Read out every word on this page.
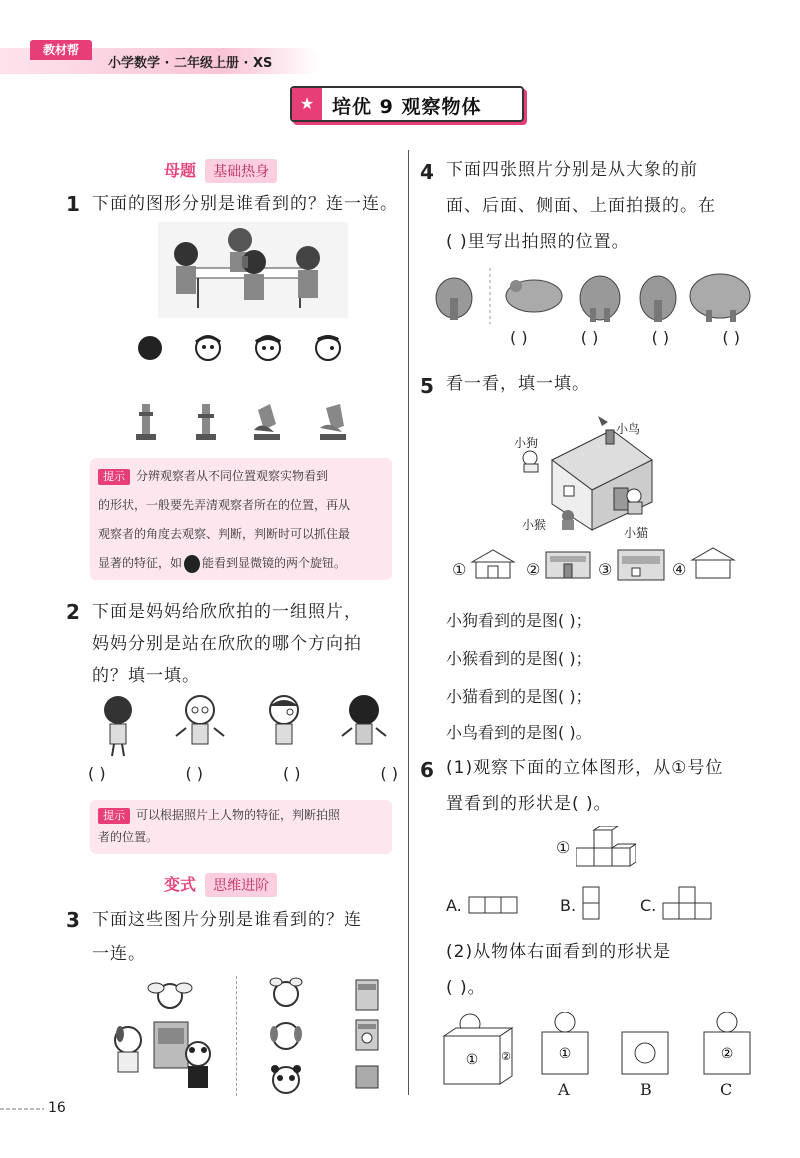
教材帮
小学数学 · 二年级上册 · XS
★ 培优 9 观察物体
母题 基础热身
1 下面的图形分别是谁看到的？连一连。
提示 分辨观察者从不同位置观察实物看到
的形状，一般要先弄清观察者所在的位置，再从
观察者的角度去观察、判断，判断时可以抓住最
显著的特征，如 能看到显微镜的两个旋钮。
2 下面是妈妈给欣欣拍的一组照片，
妈妈分别是站在欣欣的哪个方向拍
的？填一填。
( )	( )	( )	( )
提示 可以根据照片上人物的特征，判断拍照
者的位置。
变式 思维进阶
3 下面这些图片分别是谁看到的？连
一连。
4 下面四张照片分别是从大象的前
面、后面、侧面、上面拍摄的。在
( )里写出拍照的位置。
( )	( )	( )	( )
5 看一看，填一填。
小鸟
小狗
小猴
小猫
①	②	③	④
小狗看到的是图( )；
小猴看到的是图( )；
小猫看到的是图( )；
小鸟看到的是图( )。
6 (1)观察下面的立体图形，从①号位
置看到的形状是( )。
①
A.	B.	C.
(2)从物体右面看到的形状是
( )。
① ②	①	②
A	B	C
16
